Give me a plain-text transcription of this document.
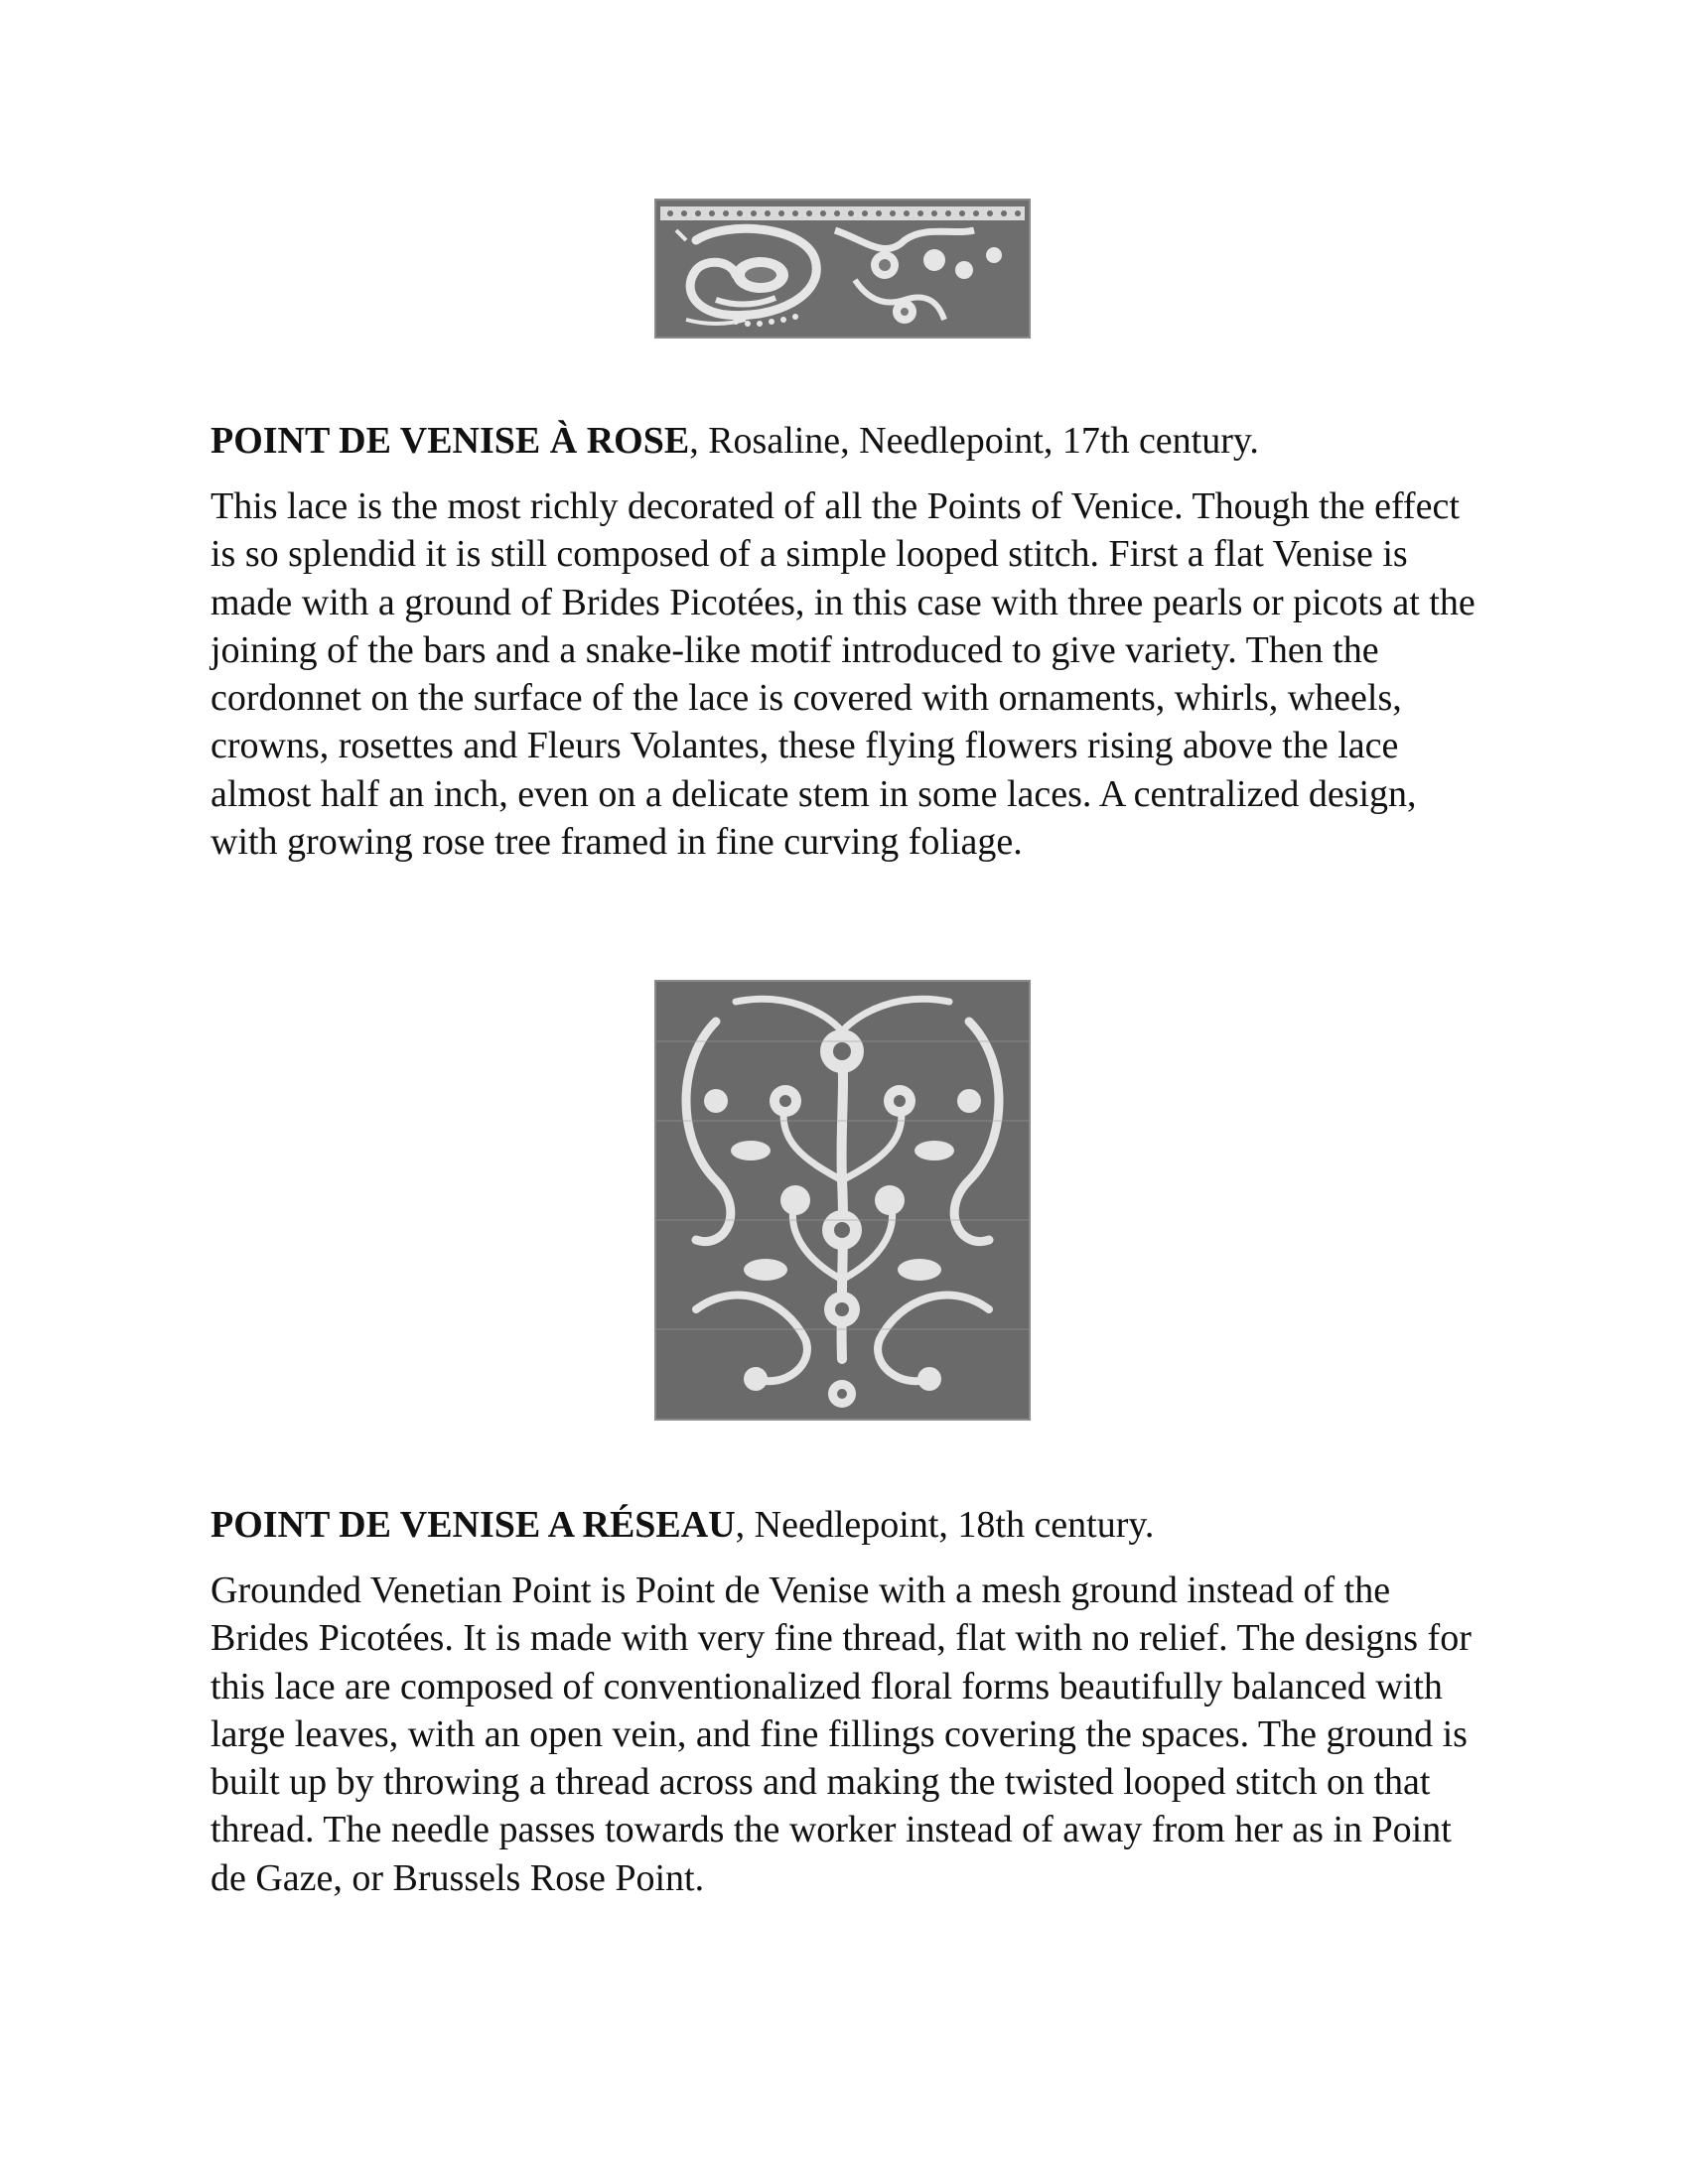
POINT DE VENISE À ROSE, Rosaline, Needlepoint, 17th century.

This lace is the most richly decorated of all the Points of Venice. Though the effect is so splendid it is still composed of a simple looped stitch. First a flat Venise is made with a ground of Brides Picotées, in this case with three pearls or picots at the joining of the bars and a snake-like motif introduced to give variety. Then the cordonnet on the surface of the lace is covered with ornaments, whirls, wheels, crowns, rosettes and Fleurs Volantes, these flying flowers rising above the lace almost half an inch, even on a delicate stem in some laces. A centralized design, with growing rose tree framed in fine curving foliage.

POINT DE VENISE A RÉSEAU, Needlepoint, 18th century.

Grounded Venetian Point is Point de Venise with a mesh ground instead of the Brides Picotées. It is made with very fine thread, flat with no relief. The designs for this lace are composed of conventionalized floral forms beautifully balanced with large leaves, with an open vein, and fine fillings covering the spaces. The ground is built up by throwing a thread across and making the twisted looped stitch on that thread. The needle passes towards the worker instead of away from her as in Point de Gaze, or Brussels Rose Point.
